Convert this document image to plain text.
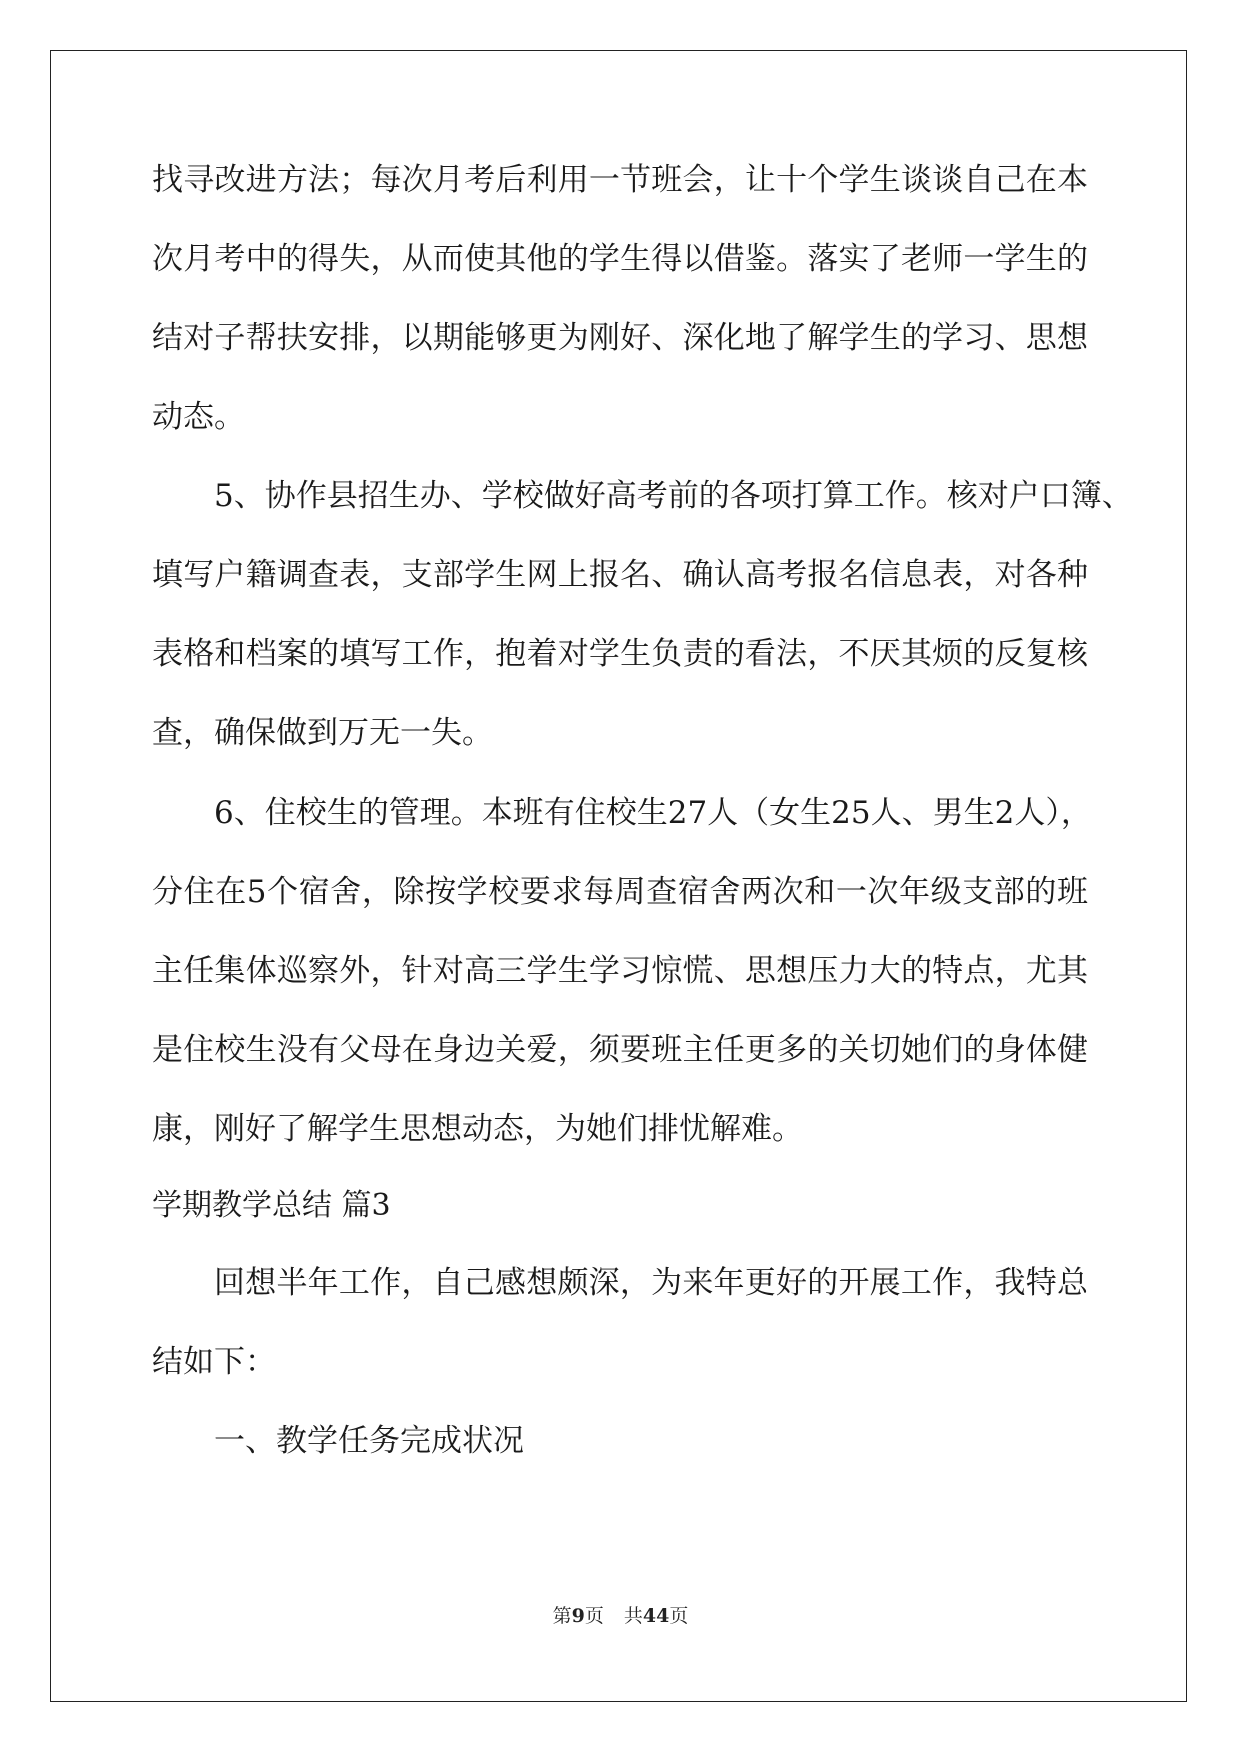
找寻改进方法；每次月考后利用一节班会，让十个学生谈谈自己在本
次月考中的得失，从而使其他的学生得以借鉴。落实了老师一学生的
结对子帮扶安排，以期能够更为刚好、深化地了解学生的学习、思想
动态。
5、协作县招生办、学校做好高考前的各项打算工作。核对户口簿、
填写户籍调查表，支部学生网上报名、确认高考报名信息表，对各种
表格和档案的填写工作，抱着对学生负责的看法，不厌其烦的反复核
查，确保做到万无一失。
6、住校生的管理。本班有住校生27人（女生25人、男生2人），
分住在5个宿舍，除按学校要求每周查宿舍两次和一次年级支部的班
主任集体巡察外，针对高三学生学习惊慌、思想压力大的特点，尤其
是住校生没有父母在身边关爱，须要班主任更多的关切她们的身体健
康，刚好了解学生思想动态，为她们排忧解难。
学期教学总结 篇3
回想半年工作，自己感想颇深，为来年更好的开展工作，我特总
结如下：
一、教学任务完成状况
第9页 共44页
